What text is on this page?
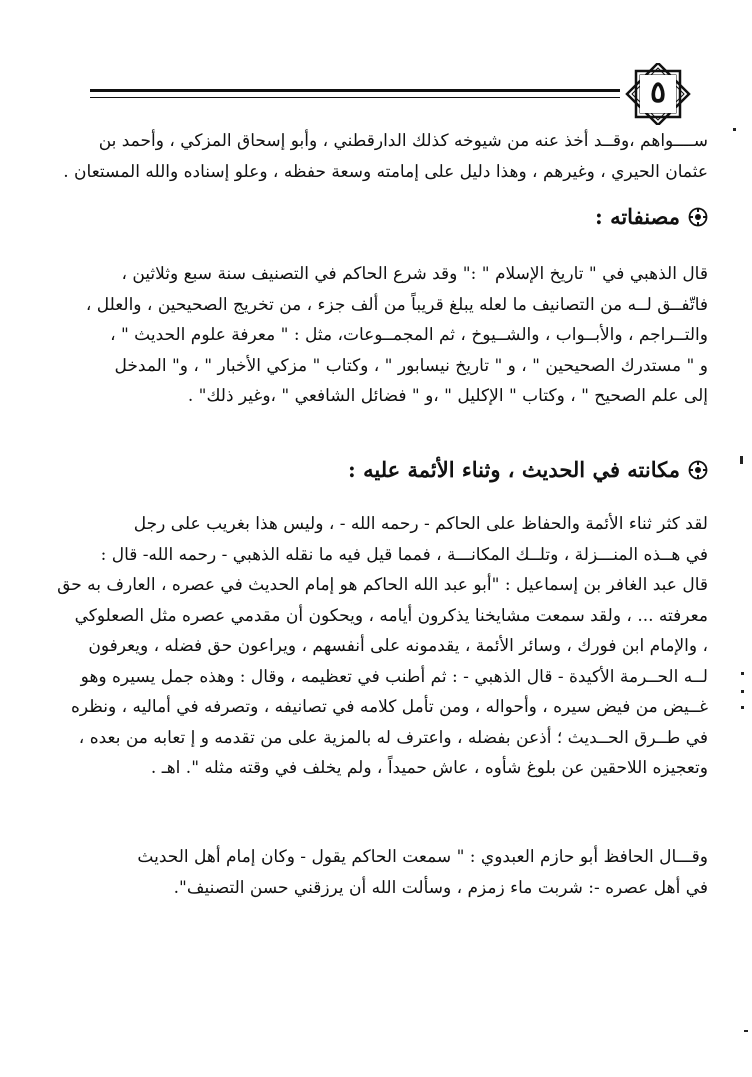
٥
ســــواهم ،وقــد أخذ عنه من شيوخه كذلك الدارقطني ، وأبو إسحاق المزكي ، وأحمد بن
عثمان الحيري ، وغيرهم ، وهذا دليل على إمامته وسعة حفظه ، وعلو إسناده والله المستعان .
مصنفاته :
قال الذهبي في " تاريخ الإسلام " :" وقد شرع الحاكم في التصنيف سنة سبع وثلاثين ،
فاتّفــق لــه من التصانيف ما لعله يبلغ قريباً من ألف جزء ، من تخريج الصحيحين ، والعلل ،
والتــراجم ، والأبــواب ، والشــيوخ ، ثم المجمــوعات، مثل : " معرفة علوم الحديث " ،
و " مستدرك الصحيحين " ، و " تاريخ نيسابور " ، وكتاب " مزكي الأخبار " ، و" المدخل
إلى علم الصحيح " ، وكتاب " الإكليل " ،و " فضائل الشافعي " ،وغير ذلك" .
مكانته في الحديث ، وثناء الأئمة عليه :
لقد كثر ثناء الأئمة والحفاظ على الحاكم - رحمه الله - ، وليس هذا بغريب على رجل
في هــذه المنـــزلة ، وتلــك المكانـــة ، فمما قيل فيه ما نقله الذهبي - رحمه الله- قال :
قال عبد الغافر بن إسماعيل : "أبو عبد الله الحاكم هو إمام الحديث في عصره ، العارف به حق
معرفته ... ، ولقد سمعت مشايخنا يذكرون أيامه ، ويحكون أن مقدمي عصره مثل الصعلوكي
، والإمام ابن فورك ، وسائر الأئمة ، يقدمونه على أنفسهم ، ويراعون حق فضله ، ويعرفون
لــه الحــرمة الأكيدة - قال الذهبي - : ثم أطنب في تعظيمه ، وقال : وهذه جمل يسيره وهو
غــيض من فيض سيره ، وأحواله ، ومن تأمل كلامه في تصانيفه ، وتصرفه في أماليه ، ونظره
في طــرق الحــديث ؛ أذعن بفضله ، واعترف له بالمزية على من تقدمه و إ تعابه من بعده ،
وتعجيزه اللاحقين عن بلوغ شأوه ، عاش حميداً ، ولم يخلف في وقته مثله ". اهـ .
وقـــال الحافظ أبو حازم العبدوي : " سمعت الحاكم يقول - وكان إمام أهل الحديث
في أهل عصره -: شربت ماء زمزم ، وسألت الله أن يرزقني حسن التصنيف".
